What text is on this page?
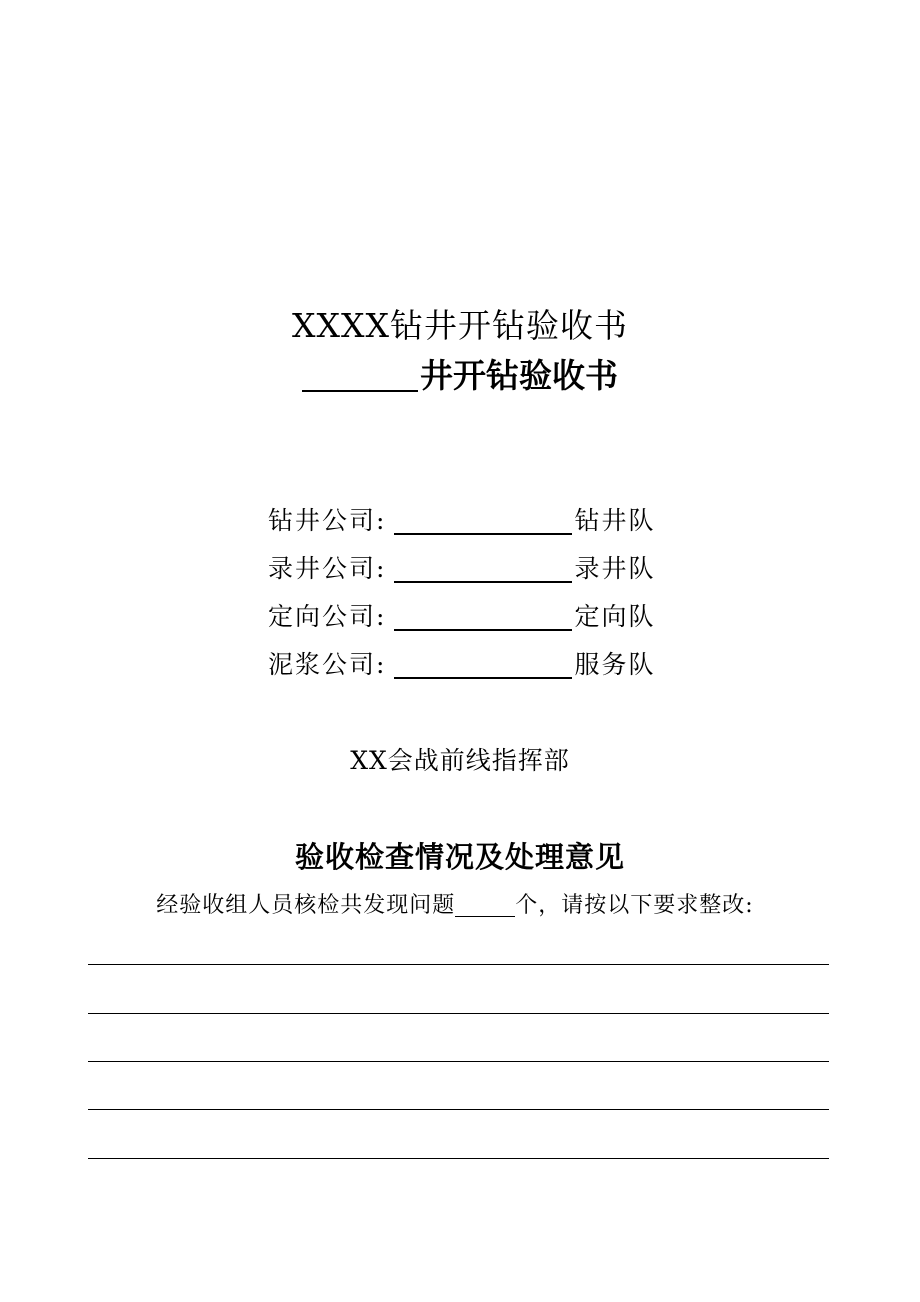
XXXX钻井开钻验收书
井开钻验收书
钻井公司:	钻井队
录井公司:	录井队
定向公司:	定向队
泥浆公司:	服务队
XX会战前线指挥部
验收检查情况及处理意见
经验收组人员核检共发现问题	个，请按以下要求整改:
